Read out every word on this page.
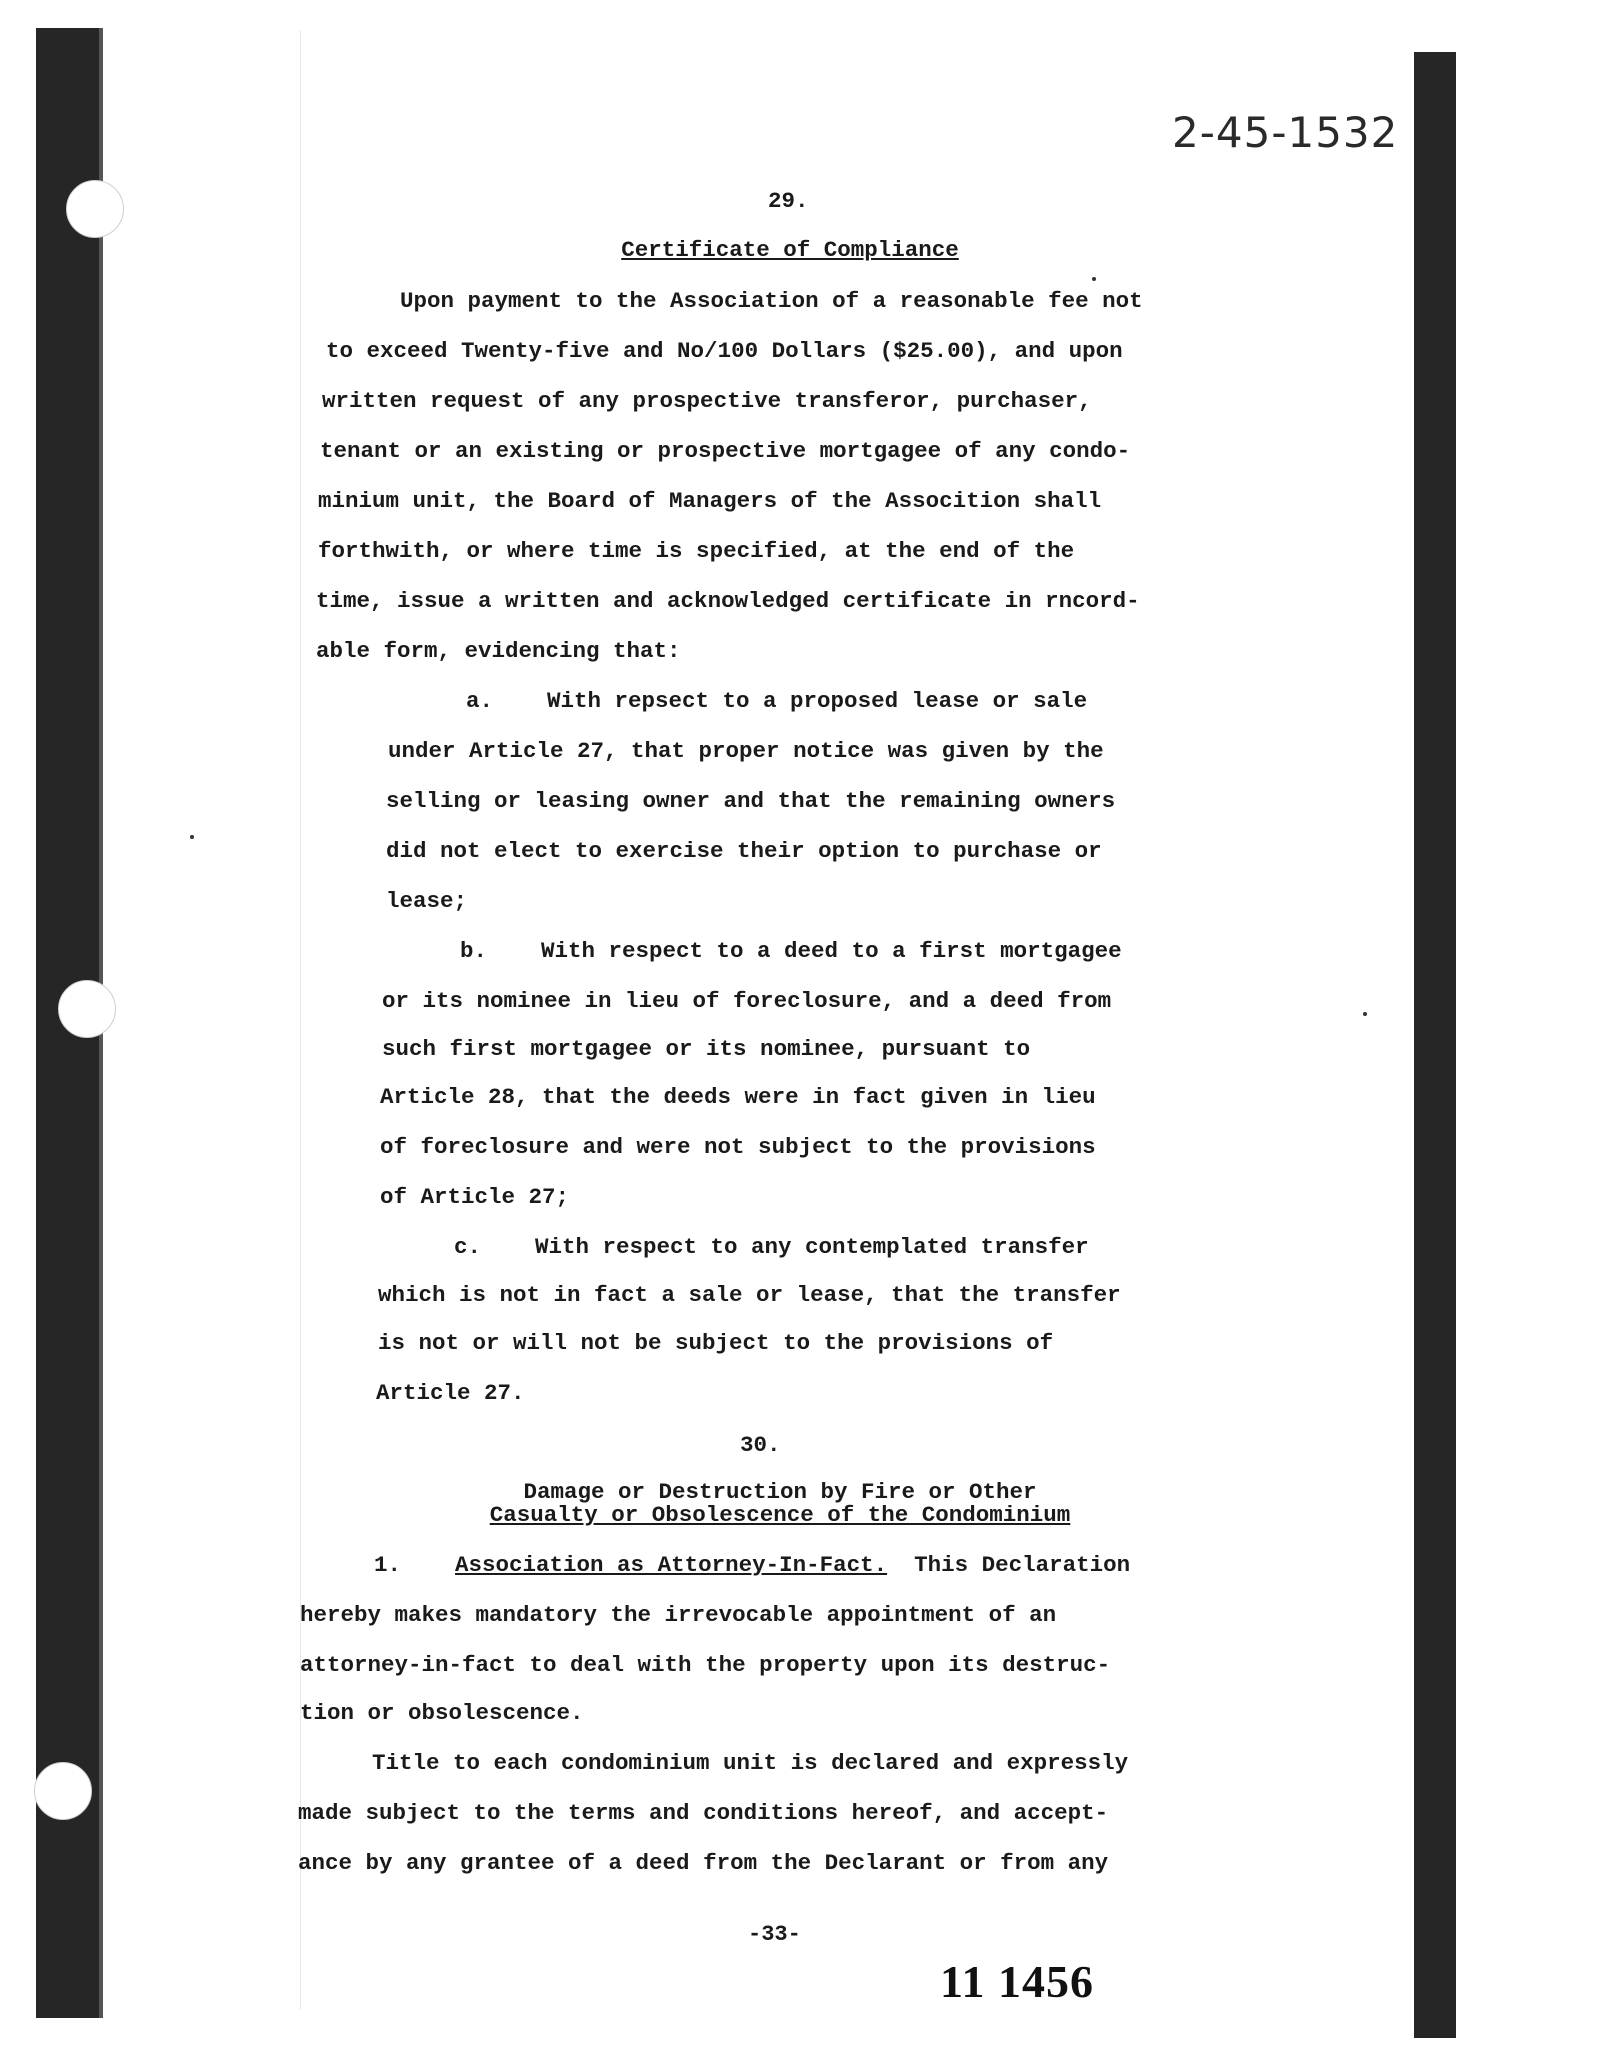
2-45-1532
29.
Certificate of Compliance
Upon payment to the Association of a reasonable fee not
to exceed Twenty-five and No/100 Dollars ($25.00), and upon
written request of any prospective transferor, purchaser,
tenant or an existing or prospective mortgagee of any condo-
minium unit, the Board of Managers of the Assocition shall
forthwith, or where time is specified, at the end of the
time, issue a written and acknowledged certificate in rncord-
able form, evidencing that:
a.    With repsect to a proposed lease or sale
under Article 27, that proper notice was given by the
selling or leasing owner and that the remaining owners
did not elect to exercise their option to purchase or
lease;
b.    With respect to a deed to a first mortgagee
or its nominee in lieu of foreclosure, and a deed from
such first mortgagee or its nominee, pursuant to
Article 28, that the deeds were in fact given in lieu
of foreclosure and were not subject to the provisions
of Article 27;
c.    With respect to any contemplated transfer
which is not in fact a sale or lease, that the transfer
is not or will not be subject to the provisions of
Article 27.
30.
Damage or Destruction by Fire or Other
Casualty or Obsolescence of the Condominium
1. Association as Attorney-In-Fact.  This Declaration
hereby makes mandatory the irrevocable appointment of an
attorney-in-fact to deal with the property upon its destruc-
tion or obsolescence.
Title to each condominium unit is declared and expressly
made subject to the terms and conditions hereof, and accept-
ance by any grantee of a deed from the Declarant or from any
-33-
11 1456
